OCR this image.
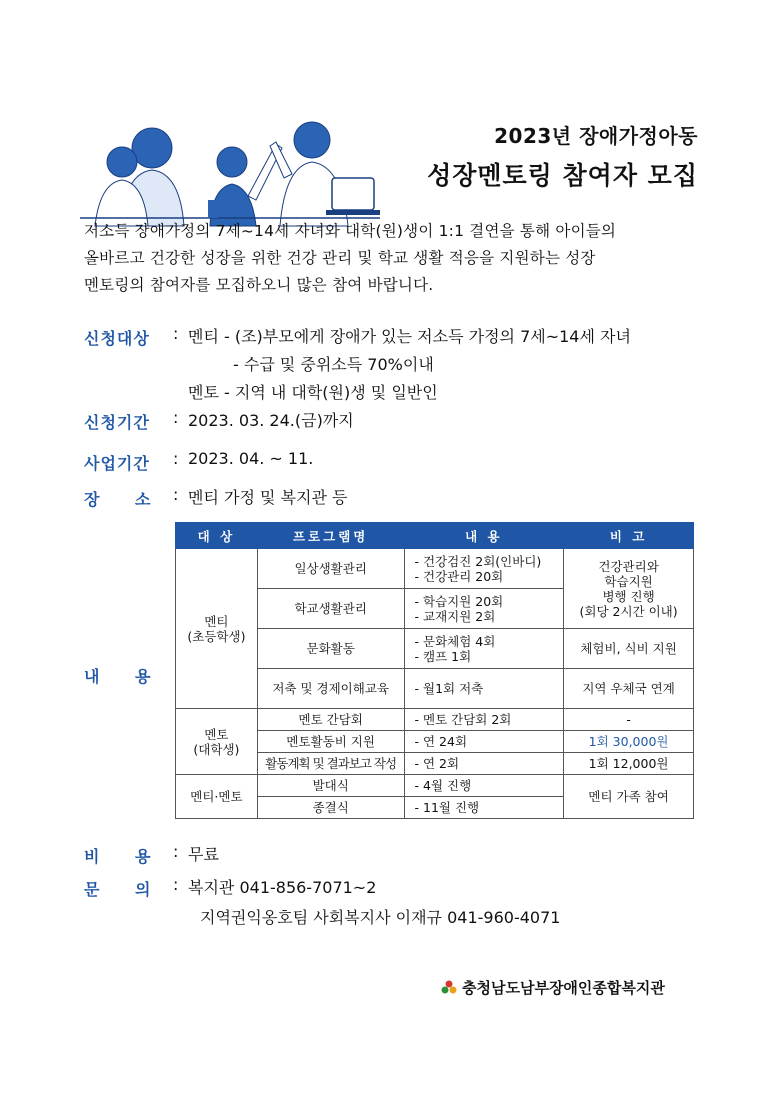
2023년 장애가정아동
성장멘토링 참여자 모집
저소득 장애가정의 7세~14세 자녀와 대학(원)생이 1:1 결연을 통해 아이들의
올바르고 건강한 성장을 위한 건강 관리 및 학교 생활 적응을 지원하는 성장
멘토링의 참여자를 모집하오니 많은 참여 바랍니다.
신청대상 : 멘티 - (조)부모에게 장애가 있는 저소득 가정의 7세~14세 자녀
- 수급 및 중위소득 70%이내
멘토 - 지역 내 대학(원)생 및 일반인
신청기간 : 2023. 03. 24.(금)까지
사업기간 : 2023. 04. ~ 11.
장 소 : 멘티 가정 및 복지관 등
내 용
대 상	프로그램명	내 용	비 고
멘티
(초등학생)	일상생활관리	- 건강검진 2회(인바디)
- 건강관리 20회	건강관리와
학습지원
병행 진행
(회당 2시간 이내)
	학교생활관리	- 학습지원 20회
- 교재지원 2회	
	문화활동	- 문화체험 4회
- 캠프 1회	체험비, 식비 지원
	저축 및 경제이해교육	- 월1회 저축	지역 우체국 연계
멘토
(대학생)	멘토 간담회	- 멘토 간담회 2회	-
	멘토활동비 지원	- 연 24회	1회 30,000원
	활동계획 및 결과보고 작성	- 연 2회	1회 12,000원
멘티·멘토	발대식	- 4월 진행	멘티 가족 참여
	종결식	- 11월 진행	
비 용 : 무료
문 의 : 복지관 041-856-7071~2
지역권익옹호팀 사회복지사 이재규 041-960-4071
충청남도남부장애인종합복지관
